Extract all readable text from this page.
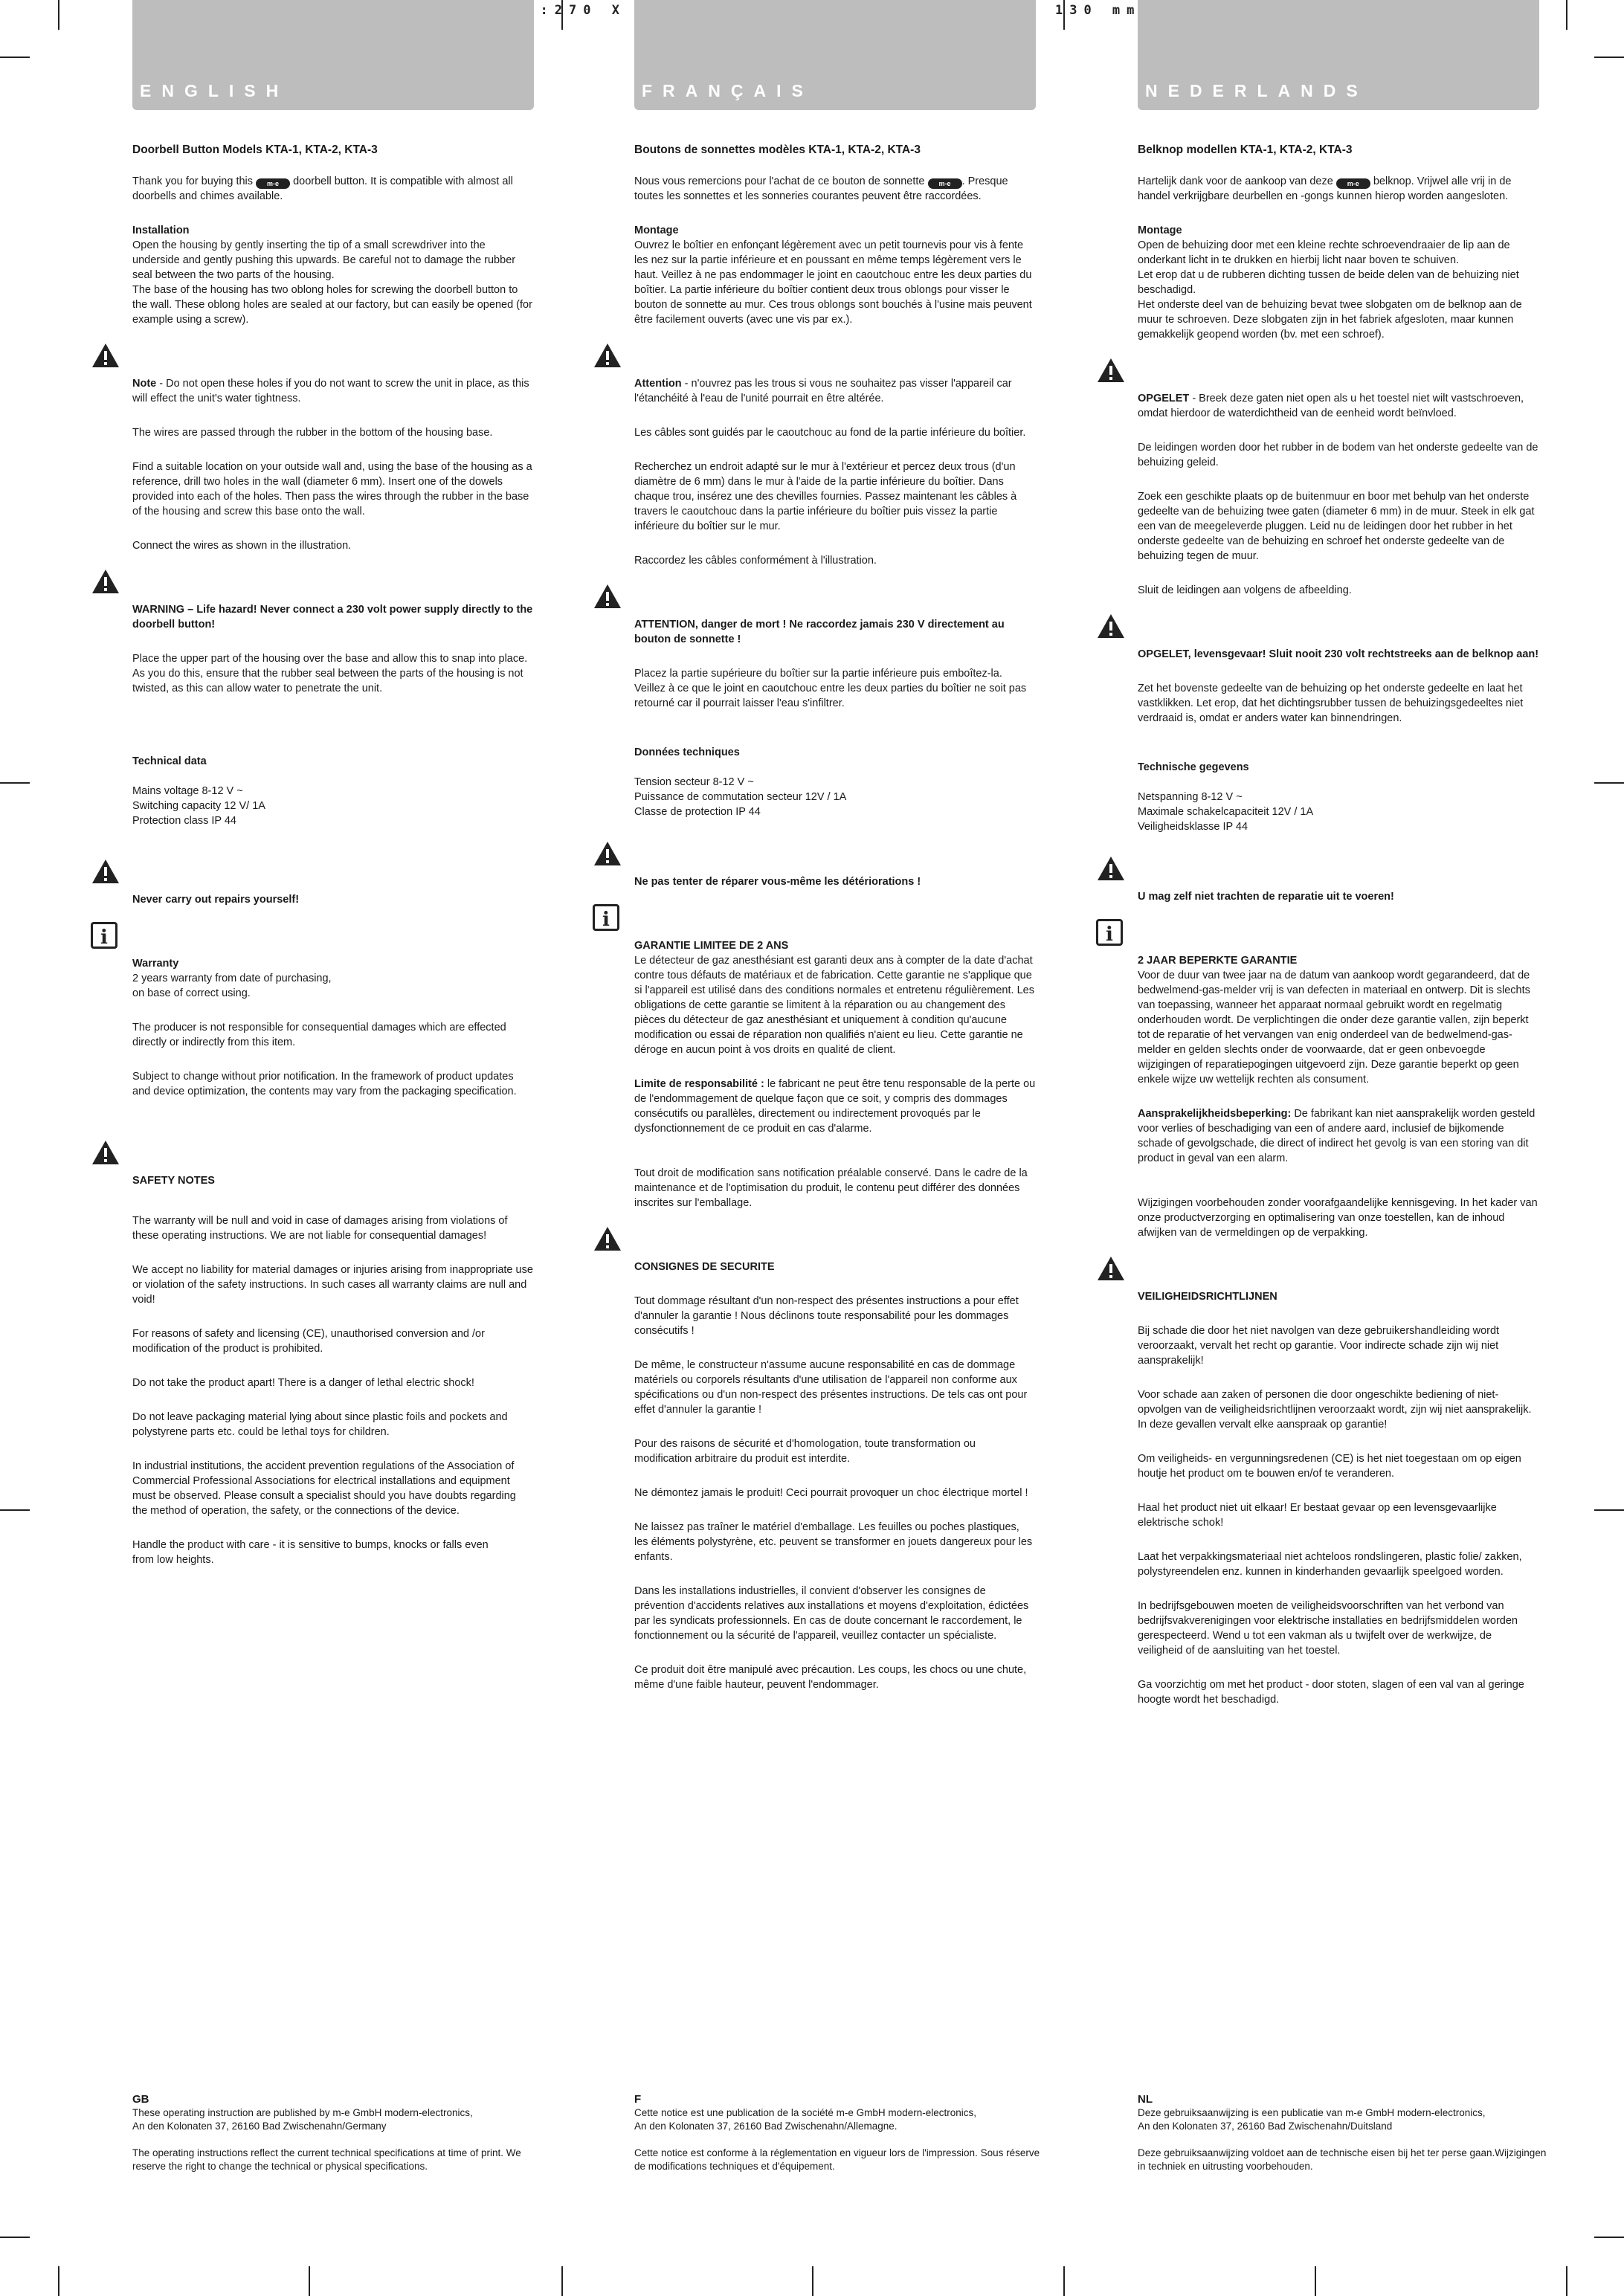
SIZE:270 X 130 mm
ENGLISH
Doorbell Button Models KTA-1, KTA-2, KTA-3
Thank you for buying this m-e doorbell button. It is compatible with almost all doorbells and chimes available.
Installation
Open the housing by gently inserting the tip of a small screwdriver into the underside and gently pushing this upwards. Be careful not to damage the rubber seal between the two parts of the housing.
The base of the housing has two oblong holes for screwing the doorbell button to the wall. These oblong holes are sealed at our factory, but can easily be opened (for example using a screw).

Note - Do not open these holes if you do not want to screw the unit in place, as this will effect the unit's water tightness.

The wires are passed through the rubber in the bottom of the housing base.
Find a suitable location on your outside wall and, using the base of the housing as a reference, drill two holes in the wall (diameter 6 mm). Insert one of the dowels provided into each of the holes. Then pass the wires through the rubber in the base of the housing and screw this base onto the wall.
Connect the wires as shown in the illustration.

WARNING – Life hazard! Never connect a 230 volt power supply directly to the doorbell button!

Place the upper part of the housing over the base and allow this to snap into place. As you do this, ensure that the rubber seal between the parts of the housing is not twisted, as this can allow water to penetrate the unit.
Technical data

Mains voltage 8-12 V ~
Switching capacity 12 V/ 1A
Protection class IP 44

Never carry out repairs yourself!

i

Warranty
2 years warranty from date of purchasing,
on base of correct using.

The producer is not responsible for consequential damages which are effected directly or indirectly from this item.
Subject to change without prior notification. In the framework of product updates and device optimization, the contents may vary from the packaging specification.

SAFETY NOTES

The warranty will be null and void in case of damages arising from violations of these operating instructions. We are not liable for consequential damages!
We accept no liability for material damages or injuries arising from inappropriate use or violation of the safety instructions. In such cases all warranty claims are null and void!
For reasons of safety and licensing (CE), unauthorised conversion and /or modification of the product is prohibited.
Do not take the product apart! There is a danger of lethal electric shock!
Do not leave packaging material lying about since plastic foils and pockets and polystyrene parts etc. could be lethal toys for children.
In industrial institutions, the accident prevention regulations of the Association of Commercial Professional Associations for electrical installations and equipment must be observed. Please consult a specialist should you have doubts regarding the method of operation, the safety, or the connections of the device.
Handle the product with care - it is sensitive to bumps, knocks or falls even
from low heights.
FRANÇAIS
Boutons de sonnettes modèles KTA-1, KTA-2, KTA-3
Nous vous remercions pour l'achat de ce bouton de sonnette m-e . Presque toutes les sonnettes et les sonneries courantes peuvent être raccordées.
Montage
Ouvrez le boîtier en enfonçant légèrement avec un petit tournevis pour vis à fente les nez sur la partie inférieure et en poussant en même temps légèrement vers le haut. Veillez à ne pas endommager le joint en caoutchouc entre les deux parties du boîtier. La partie inférieure du boîtier contient deux trous oblongs pour visser le bouton de sonnette au mur. Ces trous oblongs sont bouchés à l'usine mais peuvent être facilement ouverts (avec une vis par ex.).

Attention - n'ouvrez pas les trous si vous ne souhaitez pas visser l'appareil car l'étanchéité à l'eau de l'unité pourrait en être altérée.

Les câbles sont guidés par le caoutchouc au fond de la partie inférieure du boîtier.
Recherchez un endroit adapté sur le mur à l'extérieur et percez deux trous (d'un diamètre de 6 mm) dans le mur à l'aide de la partie inférieure du boîtier. Dans chaque trou, insérez une des chevilles fournies. Passez maintenant les câbles à travers le caoutchouc dans la partie inférieure du boîtier puis vissez la partie inférieure du boîtier sur le mur.
Raccordez les câbles conformément à l'illustration.

ATTENTION, danger de mort ! Ne raccordez jamais 230 V directement au bouton de sonnette !

Placez la partie supérieure du boîtier sur la partie inférieure puis emboîtez-la. Veillez à ce que le joint en caoutchouc entre les deux parties du boîtier ne soit pas retourné car il pourrait laisser l'eau s'infiltrer.
Données techniques

Tension secteur 8-12 V ~
Puissance de commutation secteur 12V / 1A
Classe de protection IP 44

Ne pas tenter de réparer vous-même les détériorations !

i

GARANTIE LIMITEE DE 2 ANS
Le détecteur de gaz anesthésiant est garanti deux ans à compter de la date d'achat contre tous défauts de matériaux et de fabrication. Cette garantie ne s'applique que si l'appareil est utilisé dans des conditions normales et entretenu régulièrement. Les obligations de cette garantie se limitent à la réparation ou au changement des pièces du détecteur de gaz anesthésiant et uniquement à condition qu'aucune modification ou essai de réparation non qualifiés n'aient eu lieu. Cette garantie ne déroge en aucun point à vos droits en qualité de client.

Limite de responsabilité : le fabricant ne peut être tenu responsable de la perte ou de l'endommagement de quelque façon que ce soit, y compris des dommages consécutifs ou parallèles, directement ou indirectement provoqués par le dysfonctionnement de ce produit en cas d'alarme.
Tout droit de modification sans notification préalable conservé. Dans le cadre de la maintenance et de l'optimisation du produit, le contenu peut différer des données inscrites sur l'emballage.

CONSIGNES DE SECURITE

Tout dommage résultant d'un non-respect des présentes instructions a pour effet d'annuler la garantie ! Nous déclinons toute responsabilité pour les dommages consécutifs !
De même, le constructeur n'assume aucune responsabilité en cas de dommage matériels ou corporels résultants d'une utilisation de l'appareil non conforme aux spécifications ou d'un non-respect des présentes instructions. De tels cas ont pour effet d'annuler la garantie !
Pour des raisons de sécurité et d'homologation, toute transformation ou modification arbitraire du produit est interdite.
Ne démontez jamais le produit! Ceci pourrait provoquer un choc électrique mortel !
Ne laissez pas traîner le matériel d'emballage. Les feuilles ou poches plastiques, les éléments polystyrène, etc. peuvent se transformer en jouets dangereux pour les enfants.
Dans les installations industrielles, il convient d'observer les consignes de prévention d'accidents relatives aux installations et moyens d'exploitation, édictées par les syndicats professionnels. En cas de doute concernant le raccordement, le fonctionnement ou la sécurité de l'appareil, veuillez contacter un spécialiste.
Ce produit doit être manipulé avec précaution. Les coups, les chocs ou une chute, même d'une faible hauteur, peuvent l'endommager.
NEDERLANDS
Belknop modellen KTA-1, KTA-2, KTA-3
Hartelijk dank voor de aankoop van deze m-e belknop. Vrijwel alle vrij in de handel verkrijgbare deurbellen en -gongs kunnen hierop worden aangesloten.
Montage
Open de behuizing door met een kleine rechte schroevendraaier de lip aan de onderkant licht in te drukken en hierbij licht naar boven te schuiven.
Let erop dat u de rubberen dichting tussen de beide delen van de behuizing niet beschadigd.
Het onderste deel van de behuizing bevat twee slobgaten om de belknop aan de muur te schroeven. Deze slobgaten zijn in het fabriek afgesloten, maar kunnen gemakkelijk geopend worden (bv. met een schroef).

OPGELET - Breek deze gaten niet open als u het toestel niet wilt vastschroeven, omdat hierdoor de waterdichtheid van de eenheid wordt beïnvloed.

De leidingen worden door het rubber in de bodem van het onderste gedeelte van de behuizing geleid.
Zoek een geschikte plaats op de buitenmuur en boor met behulp van het onderste gedeelte van de behuizing twee gaten (diameter 6 mm) in de muur. Steek in elk gat een van de meegeleverde pluggen. Leid nu de leidingen door het rubber in het onderste gedeelte van de behuizing en schroef het onderste gedeelte van de behuizing tegen de muur.
Sluit de leidingen aan volgens de afbeelding.

OPGELET, levensgevaar! Sluit nooit 230 volt rechtstreeks aan de belknop aan!

Zet het bovenste gedeelte van de behuizing op het onderste gedeelte en laat het vastklikken. Let erop, dat het dichtingsrubber tussen de behuizingsgedeeltes niet verdraaid is, omdat er anders water kan binnendringen.
Technische gegevens

Netspanning 8-12 V ~
Maximale schakelcapaciteit 12V / 1A
Veiligheidsklasse IP 44

U mag zelf niet trachten de reparatie uit te voeren!

i

2 JAAR BEPERKTE GARANTIE
Voor de duur van twee jaar na de datum van aankoop wordt gegarandeerd, dat de bedwelmend-gas-melder vrij is van defecten in materiaal en ontwerp. Dit is slechts van toepassing, wanneer het apparaat normaal gebruikt wordt en regelmatig onderhouden wordt. De verplichtingen die onder deze garantie vallen, zijn beperkt tot de reparatie of het vervangen van enig onderdeel van de bedwelmend-gas-melder en gelden slechts onder de voorwaarde, dat er geen onbevoegde wijzigingen of reparatiepogingen uitgevoerd zijn. Deze garantie beperkt op geen enkele wijze uw wettelijk rechten als consument.

Aansprakelijkheidsbeperking: De fabrikant kan niet aansprakelijk worden gesteld voor verlies of beschadiging van een of andere aard, inclusief de bijkomende schade of gevolgschade, die direct of indirect het gevolg is van een storing van dit product in geval van een alarm.
Wijzigingen voorbehouden zonder voorafgaandelijke kennisgeving. In het kader van onze productverzorging en optimalisering van onze toestellen, kan de inhoud afwijken van de vermeldingen op de verpakking.

VEILIGHEIDSRICHTLIJNEN

Bij schade die door het niet navolgen van deze gebruikershandleiding wordt veroorzaakt, vervalt het recht op garantie. Voor indirecte schade zijn wij niet aansprakelijk!
Voor schade aan zaken of personen die door ongeschikte bediening of niet-opvolgen van de veiligheidsrichtlijnen veroorzaakt wordt, zijn wij niet aansprakelijk. In deze gevallen vervalt elke aanspraak op garantie!
Om veiligheids- en vergunningsredenen (CE) is het niet toegestaan om op eigen houtje het product om te bouwen en/of te veranderen.
Haal het product niet uit elkaar! Er bestaat gevaar op een levensgevaarlijke elektrische schok!
Laat het verpakkingsmateriaal niet achteloos rondslingeren, plastic folie/ zakken, polystyreendelen enz. kunnen in kinderhanden gevaarlijk speelgoed worden.
In bedrijfsgebouwen moeten de veiligheidsvoorschriften van het verbond van bedrijfsvakverenigingen voor elektrische installaties en bedrijfsmiddelen worden gerespecteerd. Wend u tot een vakman als u twijfelt over de werkwijze, de veiligheid of de aansluiting van het toestel.
Ga voorzichtig om met het product - door stoten, slagen of een val van al geringe hoogte wordt het beschadigd.
GB
These operating instruction are published by m-e GmbH modern-electronics,
An den Kolonaten 37, 26160 Bad Zwischenahn/Germany
The operating instructions reflect the current technical specifications at time of print. We reserve the right to change the technical or physical specifications.
F
Cette notice est une publication de la société m-e GmbH modern-electronics,
An den Kolonaten 37, 26160 Bad Zwischenahn/Allemagne.
Cette notice est conforme à la réglementation en vigueur lors de l'impression. Sous réserve de modifications techniques et d'équipement.
NL
Deze gebruiksaanwijzing is een publicatie van m-e GmbH modern-electronics,
An den Kolonaten 37, 26160 Bad Zwischenahn/Duitsland
Deze gebruiksaanwijzing voldoet aan de technische eisen bij het ter perse gaan.Wijzigingen in techniek en uitrusting voorbehouden.
